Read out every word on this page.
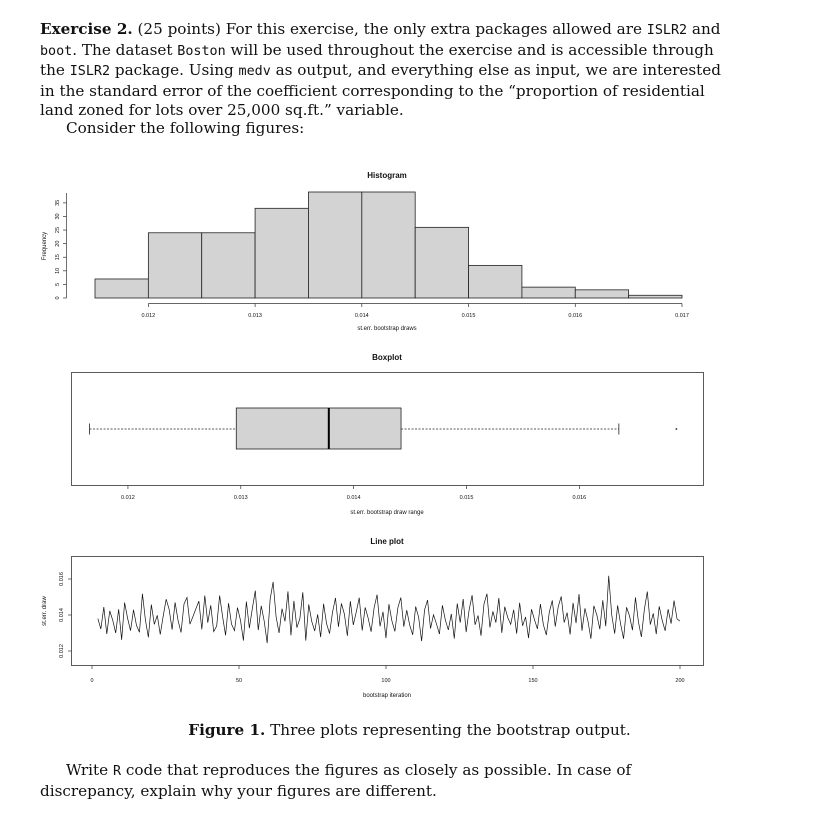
Exercise 2. (25 points) For this exercise, the only extra packages allowed are ISLR2 and boot. The dataset Boston will be used throughout the exercise and is accessible through the ISLR2 package. Using medv as output, and everything else as input, we are interested in the standard error of the coefficient corresponding to the “proportion of residential land zoned for lots over 25,000 sq.ft.” variable.
Consider the following figures:
Histogram
0.012	0.013	0.014	0.015	0.016	0.017
st.err. bootstrap draws
0
5
10
15
20
25
30
35
Frequency
Boxplot
0.012	0.013	0.014	0.015	0.016
st.err. bootstrap draw range
Line plot
0	50	100	150	200
bootstrap iteration
0.012
0.014
0.016
st.err. draw
Figure 1. Three plots representing the bootstrap output.
Write R code that reproduces the figures as closely as possible. In case of discrepancy, explain why your figures are different.
